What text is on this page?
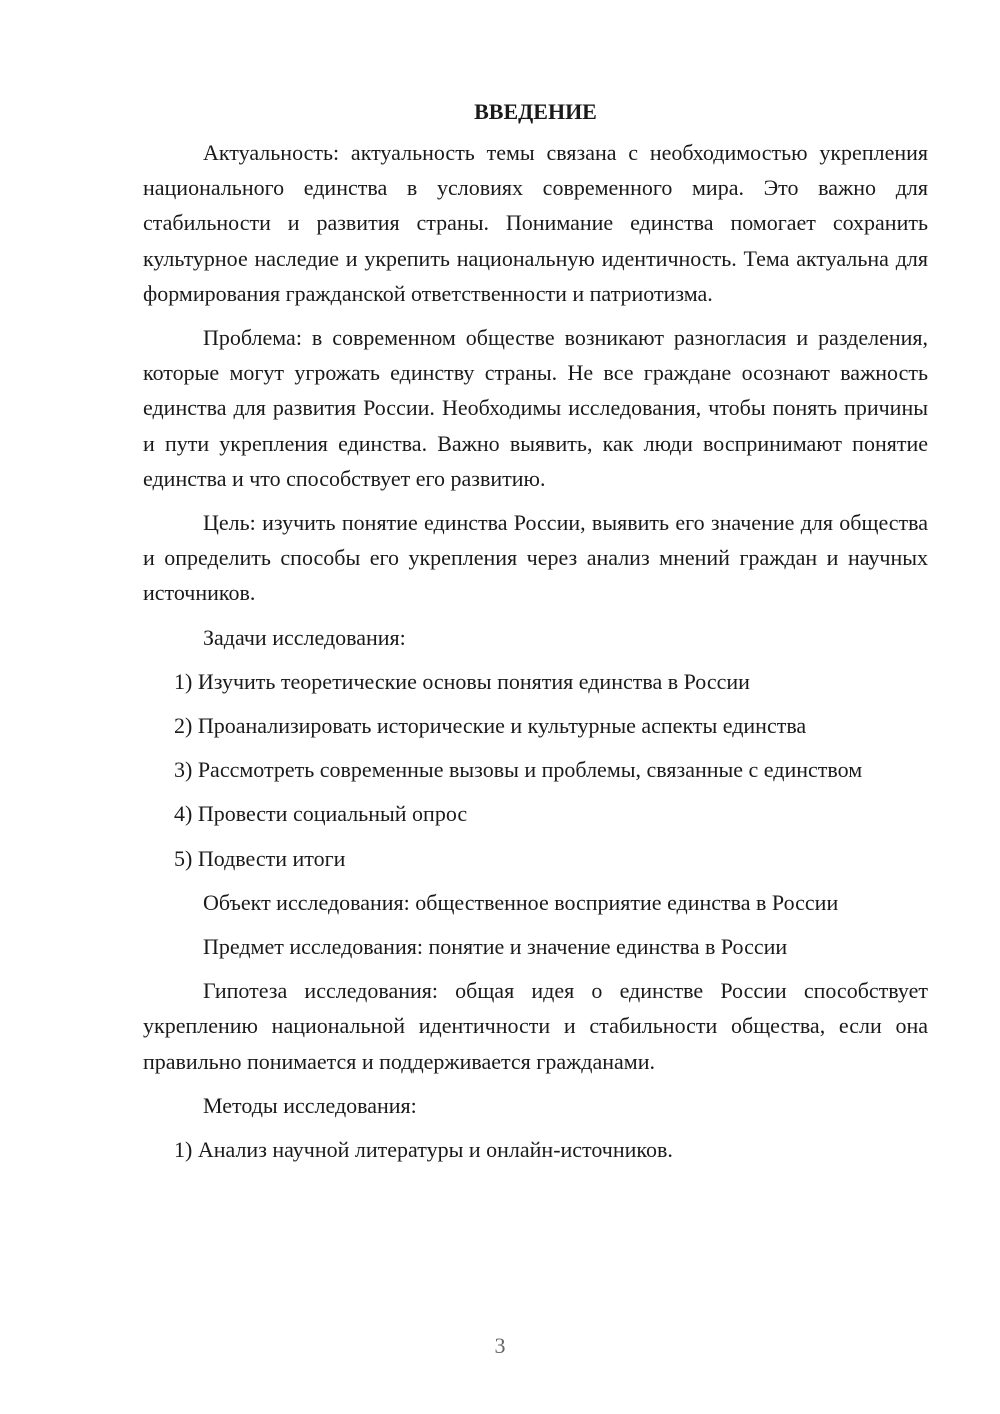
ВВЕДЕНИЕ

Актуальность: актуальность темы связана с необходимостью укрепления национального единства в условиях современного мира. Это важно для стабильности и развития страны. Понимание единства помогает сохранить культурное наследие и укрепить национальную идентичность. Тема актуальна для формирования гражданской ответственности и патриотизма.

Проблема: в современном обществе возникают разногласия и разделения, которые могут угрожать единству страны. Не все граждане осознают важность единства для развития России. Необходимы исследования, чтобы понять причины и пути укрепления единства. Важно выявить, как люди воспринимают понятие единства и что способствует его развитию.

Цель: изучить понятие единства России, выявить его значение для общества и определить способы его укрепления через анализ мнений граждан и научных источников.

Задачи исследования:

1) Изучить теоретические основы понятия единства в России

2) Проанализировать исторические и культурные аспекты единства

3) Рассмотреть современные вызовы и проблемы, связанные с единством

4) Провести социальный опрос

5) Подвести итоги

Объект исследования: общественное восприятие единства в России

Предмет исследования: понятие и значение единства в России

Гипотеза исследования: общая идея о единстве России способствует укреплению национальной идентичности и стабильности общества, если она правильно понимается и поддерживается гражданами.

Методы исследования:

1) Анализ научной литературы и онлайн-источников.

3
